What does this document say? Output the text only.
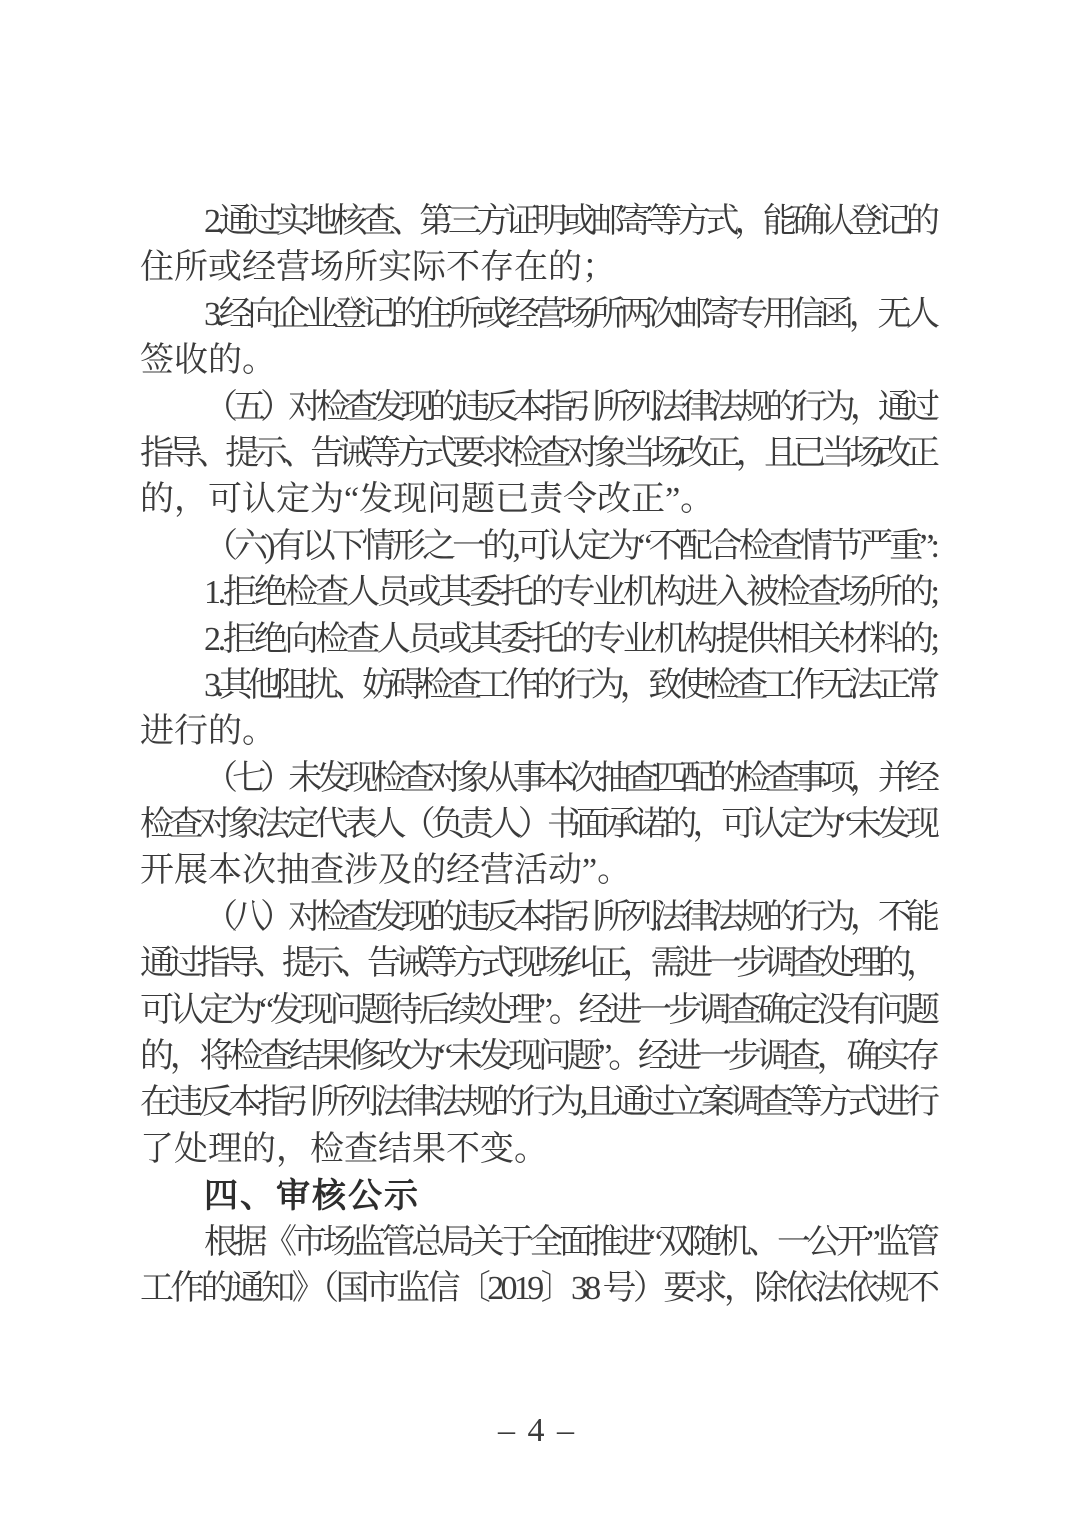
2.通过实地核查、第三方证明或邮寄等方式，能确认登记的
住所或经营场所实际不存在的；
3.经向企业登记的住所或经营场所两次邮寄专用信函，无人
签收的。
（五）对检查发现的违反本指引所列法律法规的行为，通过
指导、提示、告诫等方式要求检查对象当场改正，且已当场改正
的，可认定为“发现问题已责令改正”。
（六)有以下情形之一的,可认定为“不配合检查情节严重”:
1.拒绝检查人员或其委托的专业机构进入被检查场所的;
2.拒绝向检查人员或其委托的专业机构提供相关材料的;
3.其他阻扰、妨碍检查工作的行为，致使检查工作无法正常
进行的。
（七）未发现检查对象从事本次抽查匹配的检查事项，并经
检查对象法定代表人（负责人）书面承诺的，可认定为“未发现
开展本次抽查涉及的经营活动”。
（八）对检查发现的违反本指引所列法律法规的行为，不能
通过指导、提示、告诫等方式现场纠正，需进一步调查处理的，
可认定为“发现问题待后续处理”。经进一步调查确定没有问题
的，将检查结果修改为“未发现问题”。经进一步调查，确实存
在违反本指引所列法律法规的行为,且通过立案调查等方式进行
了处理的，检查结果不变。
四、审核公示
根据《市场监管总局关于全面推进“双随机、一公开”监管
工作的通知》（国市监信〔2019〕38 号）要求，除依法依规不
– 4 –
